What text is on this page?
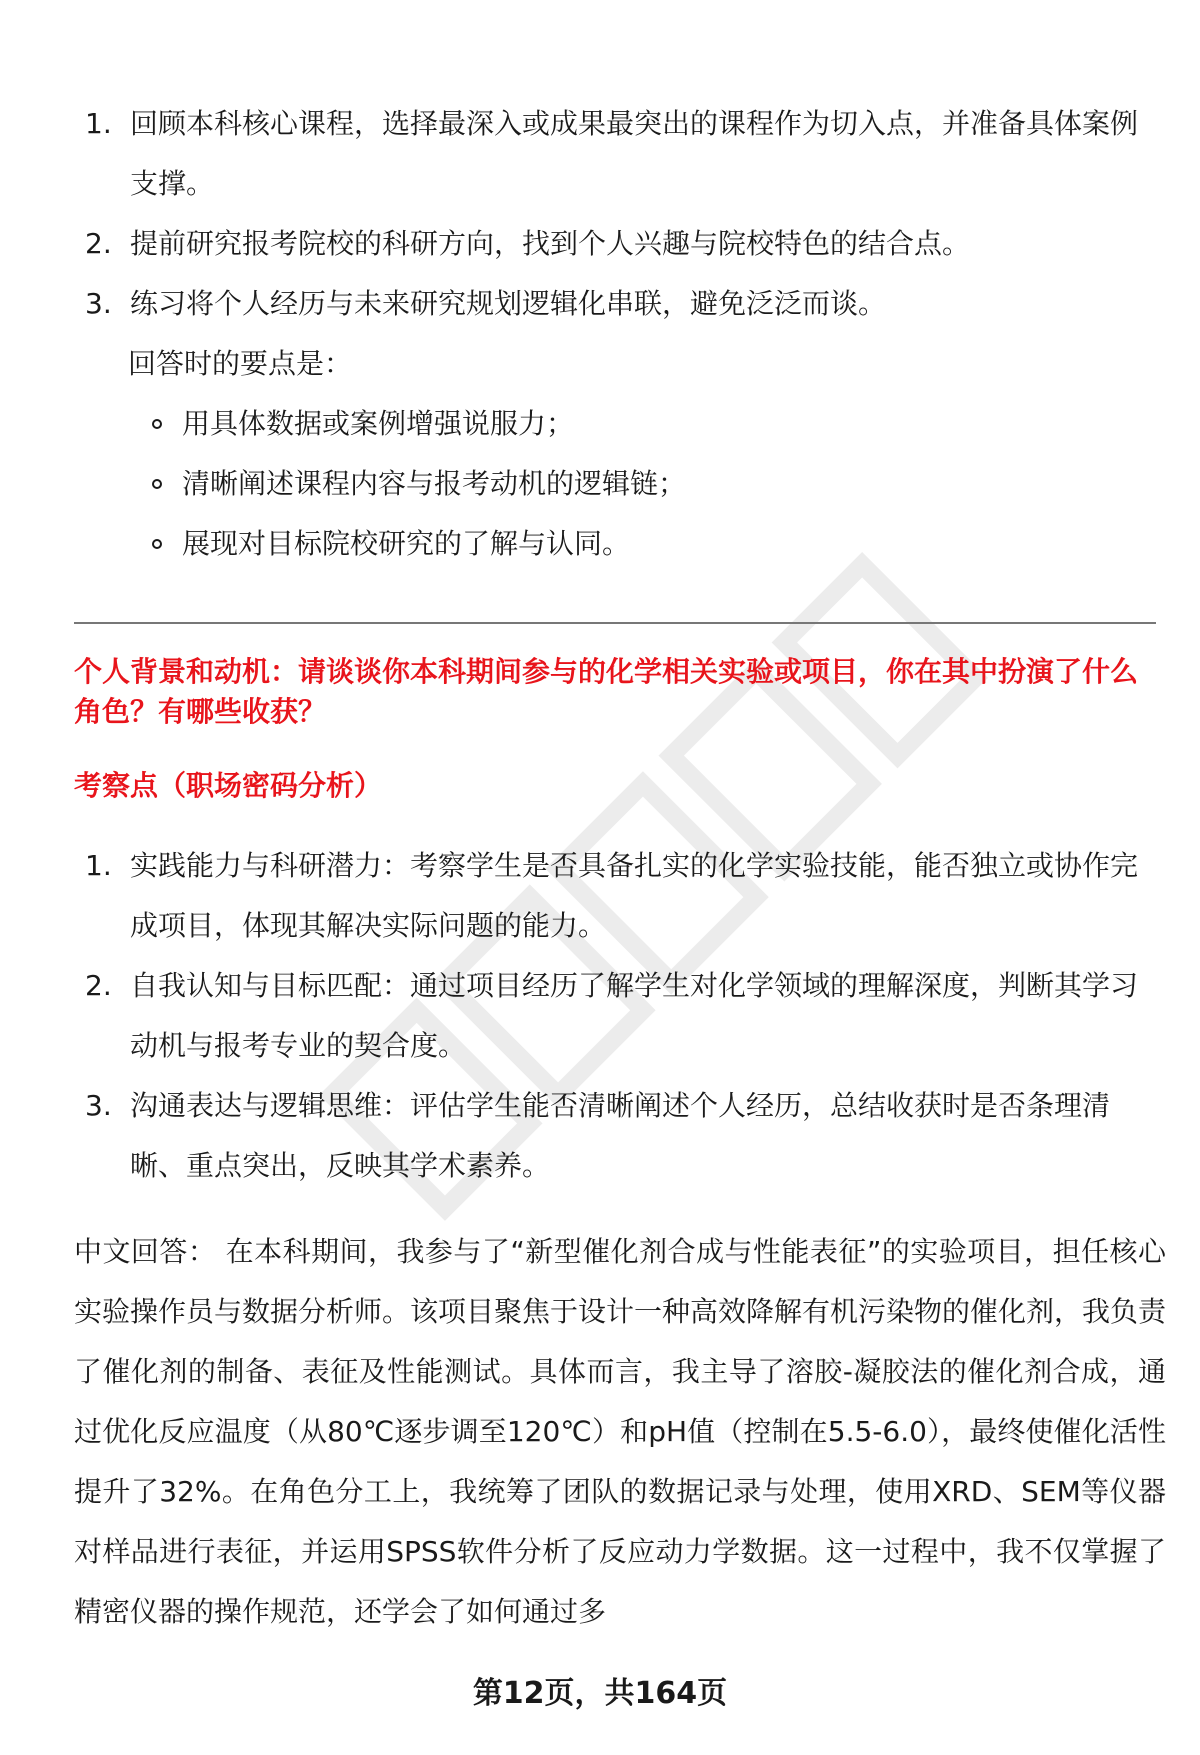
1. 回顾本科核心课程，选择最深入或成果最突出的课程作为切入点，并准备具体案例支撑。
2. 提前研究报考院校的科研方向，找到个人兴趣与院校特色的结合点。
3. 练习将个人经历与未来研究规划逻辑化串联，避免泛泛而谈。
回答时的要点是：
用具体数据或案例增强说服力；
清晰阐述课程内容与报考动机的逻辑链；
展现对目标院校研究的了解与认同。
个人背景和动机：请谈谈你本科期间参与的化学相关实验或项目，你在其中扮演了什么角色？有哪些收获？
考察点（职场密码分析）
1. 实践能力与科研潜力：考察学生是否具备扎实的化学实验技能，能否独立或协作完成项目，体现其解决实际问题的能力。
2. 自我认知与目标匹配：通过项目经历了解学生对化学领域的理解深度，判断其学习动机与报考专业的契合度。
3. 沟通表达与逻辑思维：评估学生能否清晰阐述个人经历，总结收获时是否条理清晰、重点突出，反映其学术素养。
中文回答： 在本科期间，我参与了“新型催化剂合成与性能表征”的实验项目，担任核心实验操作员与数据分析师。该项目聚焦于设计一种高效降解有机污染物的催化剂，我负责了催化剂的制备、表征及性能测试。具体而言，我主导了溶胶-凝胶法的催化剂合成，通过优化反应温度（从80℃逐步调至120℃）和pH值（控制在5.5-6.0），最终使催化活性提升了32%。在角色分工上，我统筹了团队的数据记录与处理，使用XRD、SEM等仪器对样品进行表征，并运用SPSS软件分析了反应动力学数据。这一过程中，我不仅掌握了精密仪器的操作规范，还学会了如何通过多
第12页，共164页
